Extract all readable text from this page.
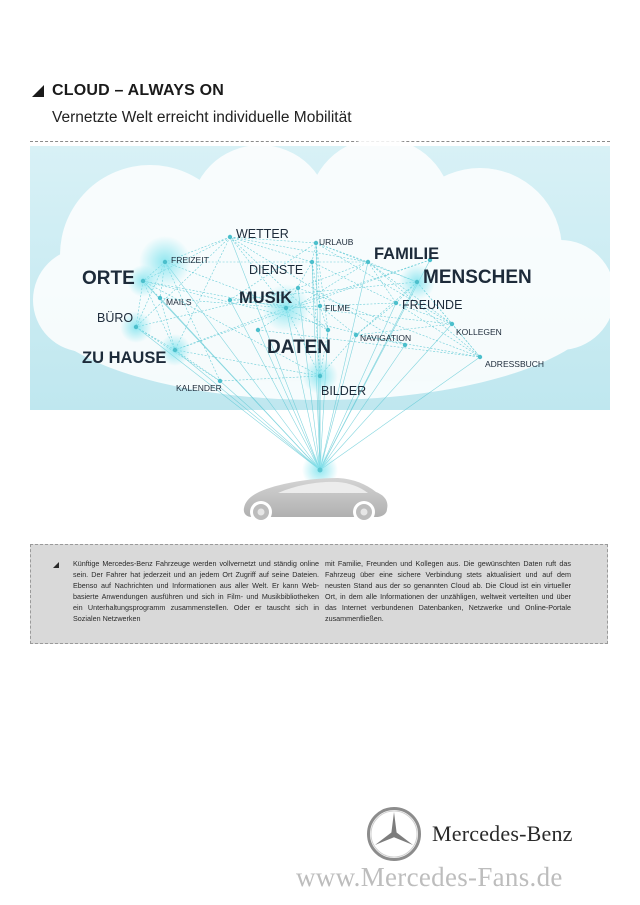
CLOUD – ALWAYS ON
Vernetzte Welt erreicht individuelle Mobilität
WETTER
URLAUB
FAMILIE
MENSCHEN
FREIZEIT
DIENSTE
ORTE
MAILS	MUSIK
FILME	FREUNDE
BÜRO
KOLLEGEN
NAVIGATION
DATEN
ZU HAUSE	ADRESSBUCH
KALENDER	BILDER
Künftige Mercedes-Benz Fahrzeuge werden vollvernetzt und ständig online sein. Der Fahrer hat jederzeit und an jedem Ort Zugriff auf seine Dateien. Ebenso auf Nachrichten und Informationen aus aller Welt. Er kann Web-basierte Anwendungen ausführen und sich in Film- und Musikbibliotheken ein Unterhaltungsprogramm zusammenstellen. Oder er tauscht sich in Sozialen Netzwerken
mit Familie, Freunden und Kollegen aus. Die gewünschten Daten ruft das Fahrzeug über eine sichere Verbindung stets aktualisiert und auf dem neusten Stand aus der so genannten Cloud ab. Die Cloud ist ein virtueller Ort, in dem alle Informationen der unzähligen, weltweit verteilten und über das Internet verbundenen Datenbanken, Netzwerke und Online-Portale zusammenfließen.
Mercedes-Benz
www.Mercedes-Fans.de
